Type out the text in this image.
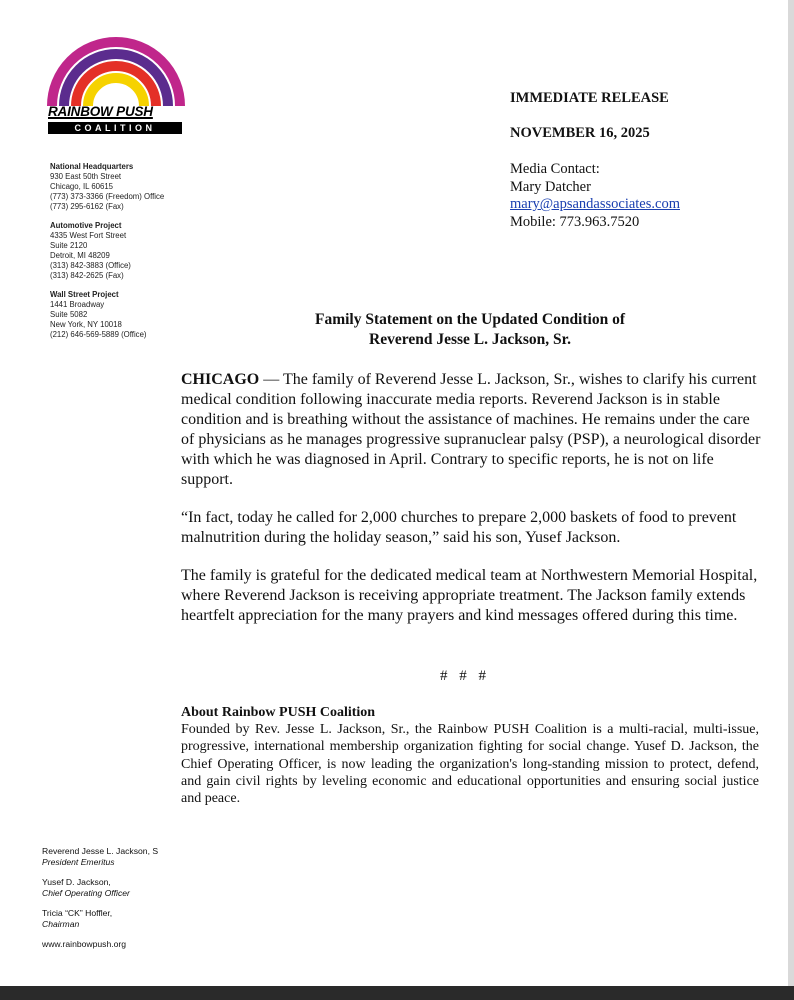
RAINBOW PUSH
COALITION
National Headquarters
930 East 50th Street
Chicago, IL 60615
(773) 373-3366 (Freedom) Office
(773) 295-6162 (Fax)
Automotive Project
4335 West Fort Street
Suite 2120
Detroit, MI 48209
(313) 842-3883 (Office)
(313) 842-2625 (Fax)
Wall Street Project
1441 Broadway
Suite 5082
New York, NY 10018
(212) 646-569-5889 (Office)
IMMEDIATE RELEASE
NOVEMBER 16, 2025
Media Contact:
Mary Datcher
mary@apsandassociates.com
Mobile: 773.963.7520
Family Statement on the Updated Condition of
Reverend Jesse L. Jackson, Sr.

CHICAGO — The family of Reverend Jesse L. Jackson, Sr., wishes to clarify his current medical condition following inaccurate media reports. Reverend Jackson is in stable condition and is breathing without the assistance of machines. He remains under the care of physicians as he manages progressive supranuclear palsy (PSP), a neurological disorder with which he was diagnosed in April. Contrary to specific reports, he is not on life support.

“In fact, today he called for 2,000 churches to prepare 2,000 baskets of food to prevent malnutrition during the holiday season,” said his son, Yusef Jackson.

The family is grateful for the dedicated medical team at Northwestern Memorial Hospital, where Reverend Jackson is receiving appropriate treatment. The Jackson family extends heartfelt appreciation for the many prayers and kind messages offered during this time.

# # #
About Rainbow PUSH Coalition
Founded by Rev. Jesse L. Jackson, Sr., the Rainbow PUSH Coalition is a multi-racial, multi-issue, progressive, international membership organization fighting for social change. Yusef D. Jackson, the Chief Operating Officer, is now leading the organization's long-standing mission to protect, defend, and gain civil rights by leveling economic and educational opportunities and ensuring social justice and peace.
Reverend Jesse L. Jackson, S
President Emeritus
Yusef D. Jackson,
Chief Operating Officer
Tricia “CK” Hoffler,
Chairman
www.rainbowpush.org
